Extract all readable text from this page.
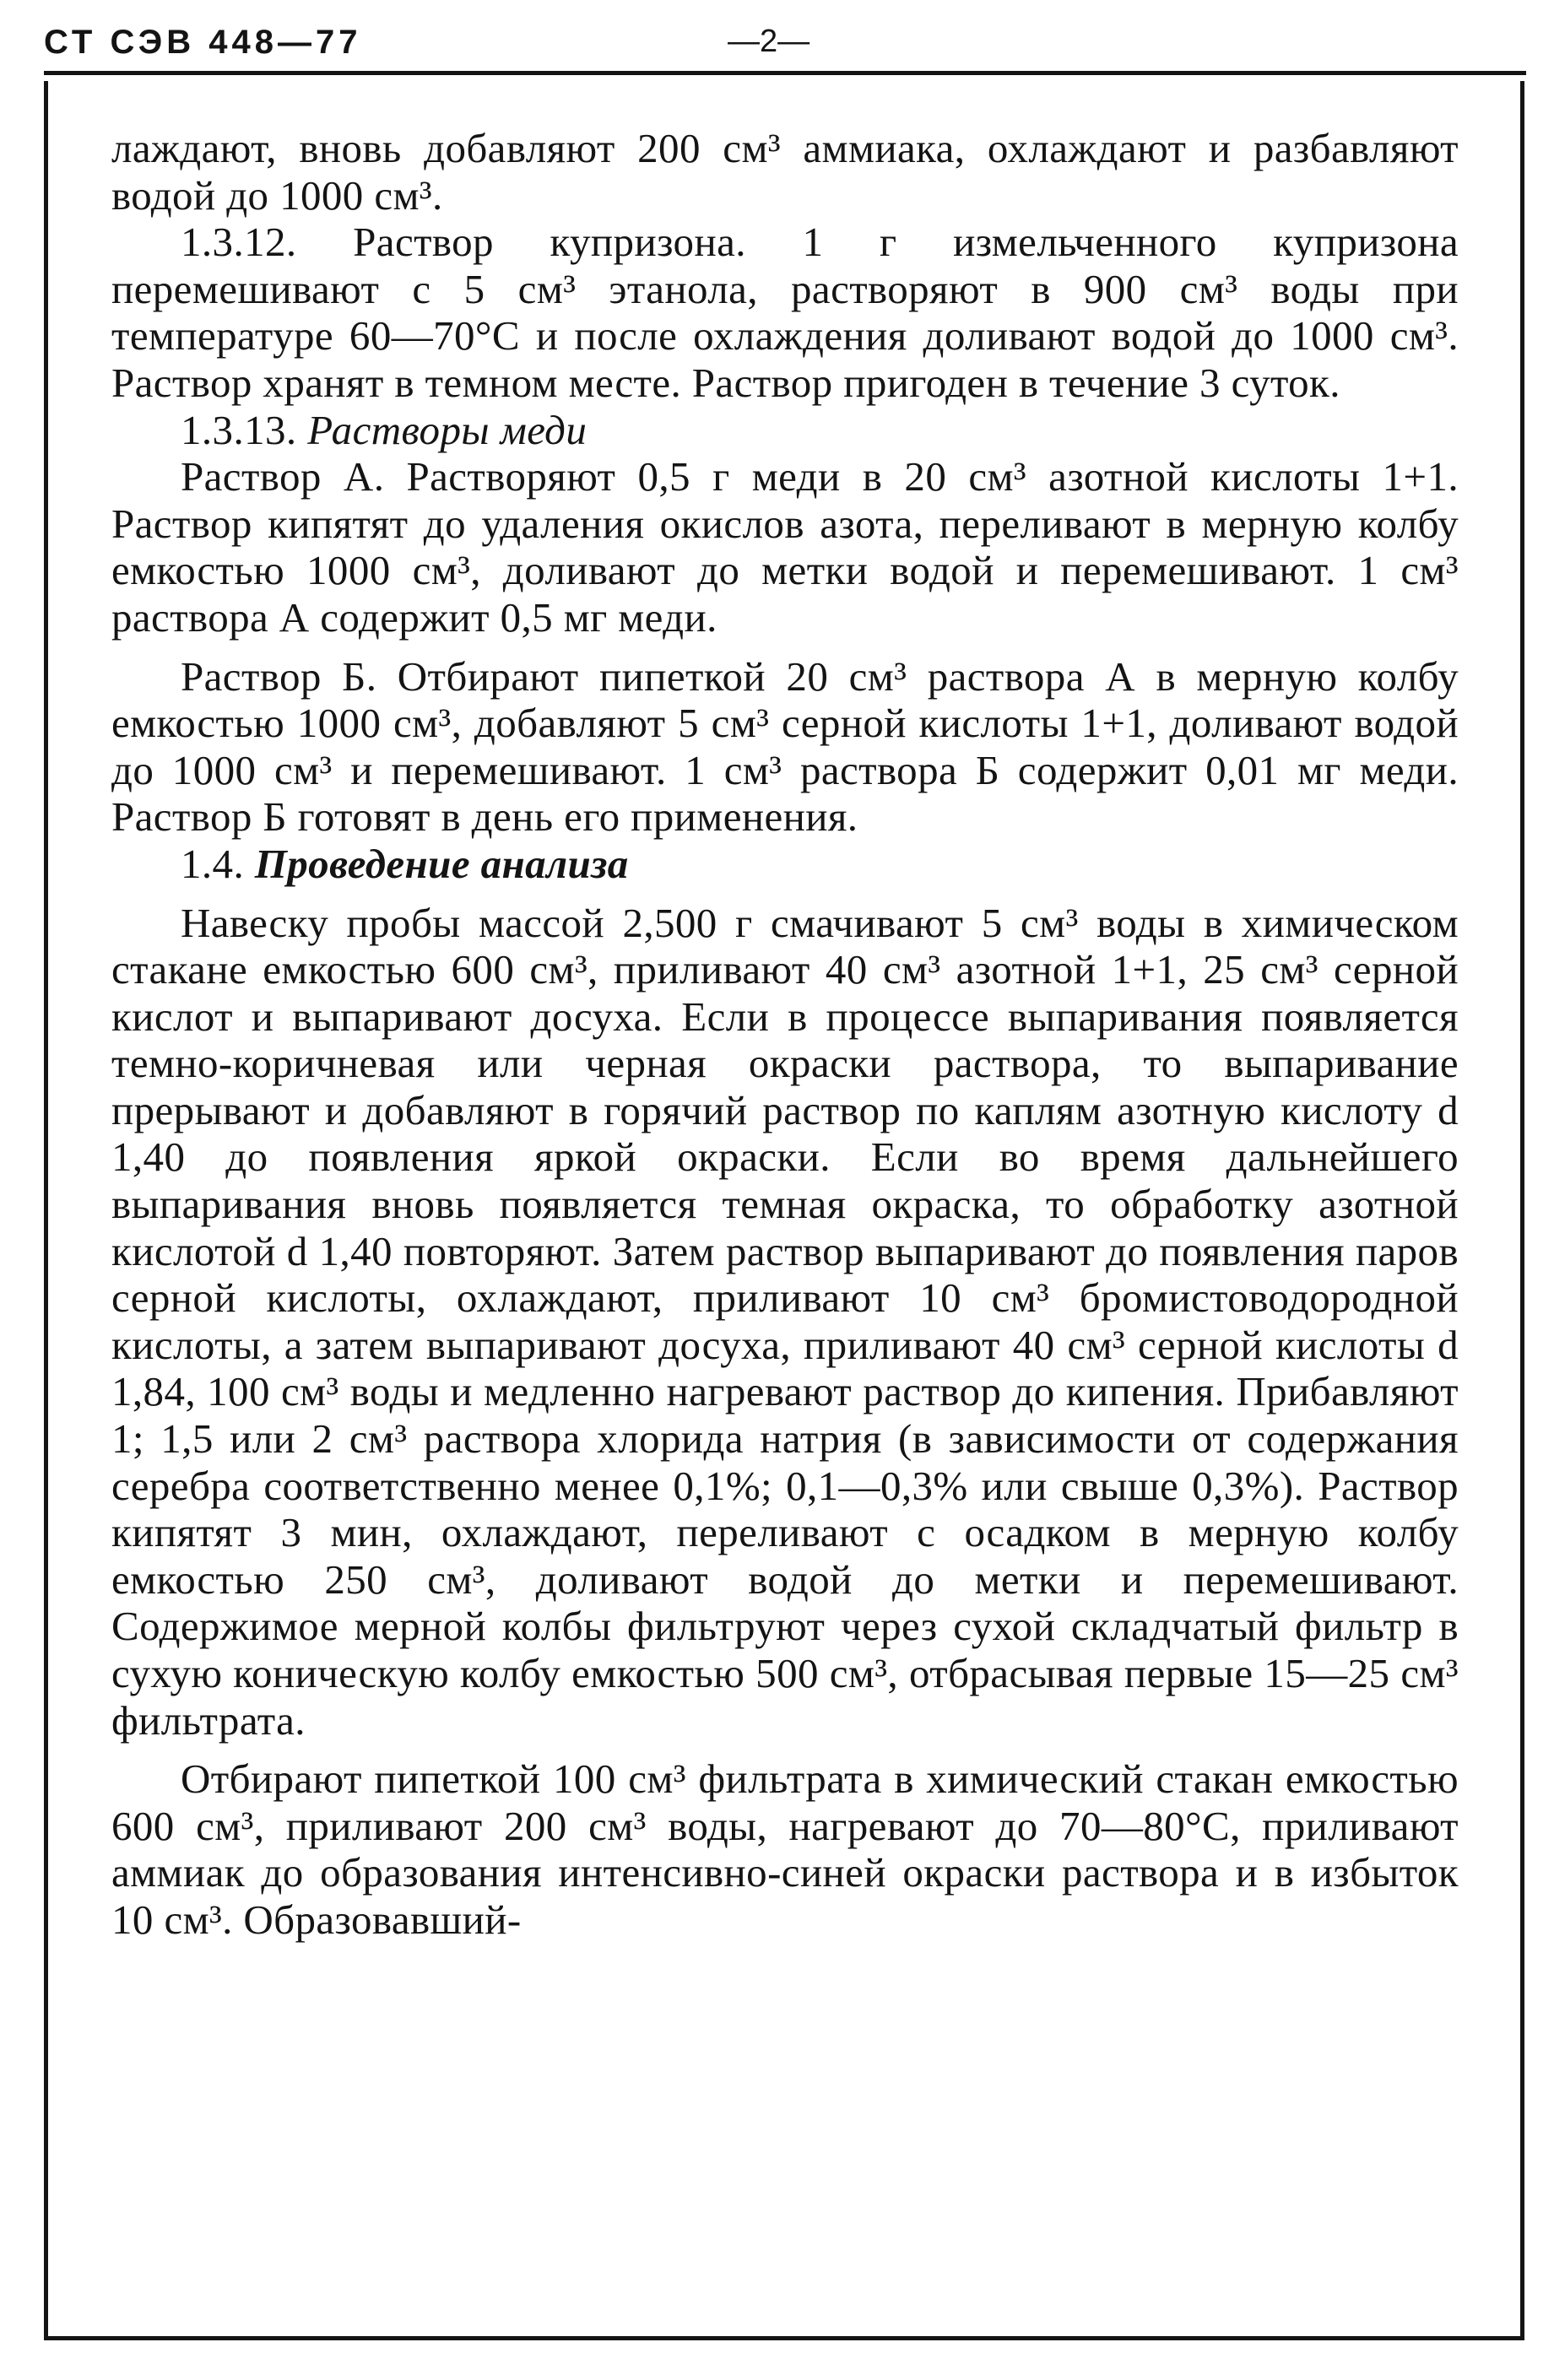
СТ СЭВ 448—77	—2—

лаждают, вновь добавляют 200 см³ аммиака, охлаждают и разбавляют водой до 1000 см³.

1.3.12. Раствор купризона. 1 г измельченного купризона перемешивают с 5 см³ этанола, растворяют в 900 см³ воды при температуре 60—70°С и после охлаждения доливают водой до 1000 см³. Раствор хранят в темном месте. Раствор пригоден в течение 3 суток.

1.3.13. Растворы меди

Раствор А. Растворяют 0,5 г меди в 20 см³ азотной кислоты 1+1. Раствор кипятят до удаления окислов азота, переливают в мерную колбу емкостью 1000 см³, доливают до метки водой и перемешивают. 1 см³ раствора А содержит 0,5 мг меди.

Раствор Б. Отбирают пипеткой 20 см³ раствора А в мерную колбу емкостью 1000 см³, добавляют 5 см³ серной кислоты 1+1, доливают водой до 1000 см³ и перемешивают. 1 см³ раствора Б содержит 0,01 мг меди. Раствор Б готовят в день его применения.

1.4. Проведение анализа

Навеску пробы массой 2,500 г смачивают 5 см³ воды в химическом стакане емкостью 600 см³, приливают 40 см³ азотной 1+1, 25 см³ серной кислот и выпаривают досуха. Если в процессе выпаривания появляется темно-коричневая или черная окраски раствора, то выпаривание прерывают и добавляют в горячий раствор по каплям азотную кислоту d 1,40 до появления яркой окраски. Если во время дальнейшего выпаривания вновь появляется темная окраска, то обработку азотной кислотой d 1,40 повторяют. Затем раствор выпаривают до появления паров серной кислоты, охлаждают, приливают 10 см³ бромистоводородной кислоты, а затем выпаривают досуха, приливают 40 см³ серной кислоты d 1,84, 100 см³ воды и медленно нагревают раствор до кипения. Прибавляют 1; 1,5 или 2 см³ раствора хлорида натрия (в зависимости от содержания серебра соответственно менее 0,1%; 0,1—0,3% или свыше 0,3%). Раствор кипятят 3 мин, охлаждают, переливают с осадком в мерную колбу емкостью 250 см³, доливают водой до метки и перемешивают. Содержимое мерной колбы фильтруют через сухой складчатый фильтр в сухую коническую колбу емкостью 500 см³, отбрасывая первые 15—25 см³ фильтрата.

Отбирают пипеткой 100 см³ фильтрата в химический стакан емкостью 600 см³, приливают 200 см³ воды, нагревают до 70—80°С, приливают аммиак до образования интенсивно-синей окраски раствора и в избыток 10 см³. Образовавший-
